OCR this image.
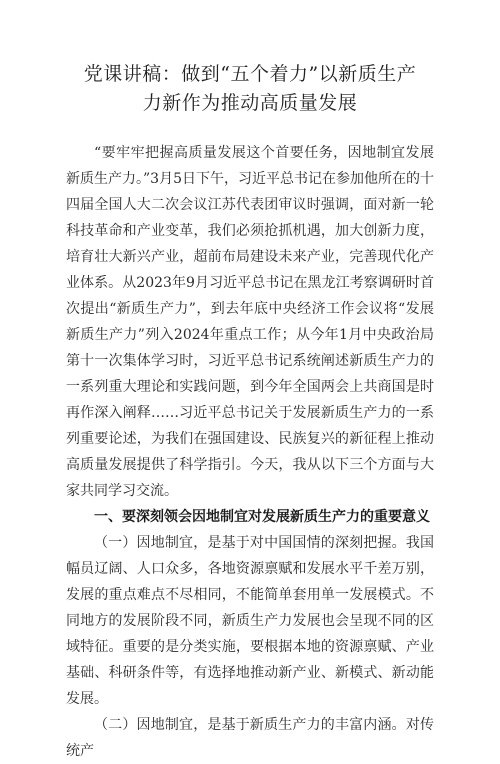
党课讲稿：做到“五个着力”以新质生产
力新作为推动高质量发展

“要牢牢把握高质量发展这个首要任务，因地制宜发展新质生产力。”3月5日下午，习近平总书记在参加他所在的十四届全国人大二次会议江苏代表团审议时强调，面对新一轮科技革命和产业变革，我们必须抢抓机遇，加大创新力度，培育壮大新兴产业，超前布局建设未来产业，完善现代化产业体系。从2023年9月习近平总书记在黑龙江考察调研时首次提出“新质生产力”，到去年底中央经济工作会议将“发展新质生产力”列入2024年重点工作；从今年1月中央政治局第十一次集体学习时，习近平总书记系统阐述新质生产力的一系列重大理论和实践问题，到今年全国两会上共商国是时再作深入阐释……习近平总书记关于发展新质生产力的一系列重要论述，为我们在强国建设、民族复兴的新征程上推动高质量发展提供了科学指引。今天，我从以下三个方面与大家共同学习交流。

一、要深刻领会因地制宜对发展新质生产力的重要意义

（一）因地制宜，是基于对中国国情的深刻把握。我国幅员辽阔、人口众多，各地资源禀赋和发展水平千差万别，发展的重点难点不尽相同，不能简单套用单一发展模式。不同地方的发展阶段不同，新质生产力发展也会呈现不同的区域特征。重要的是分类实施，要根据本地的资源禀赋、产业基础、科研条件等，有选择地推动新产业、新模式、新动能发展。

（二）因地制宜，是基于新质生产力的丰富内涵。对传统产
